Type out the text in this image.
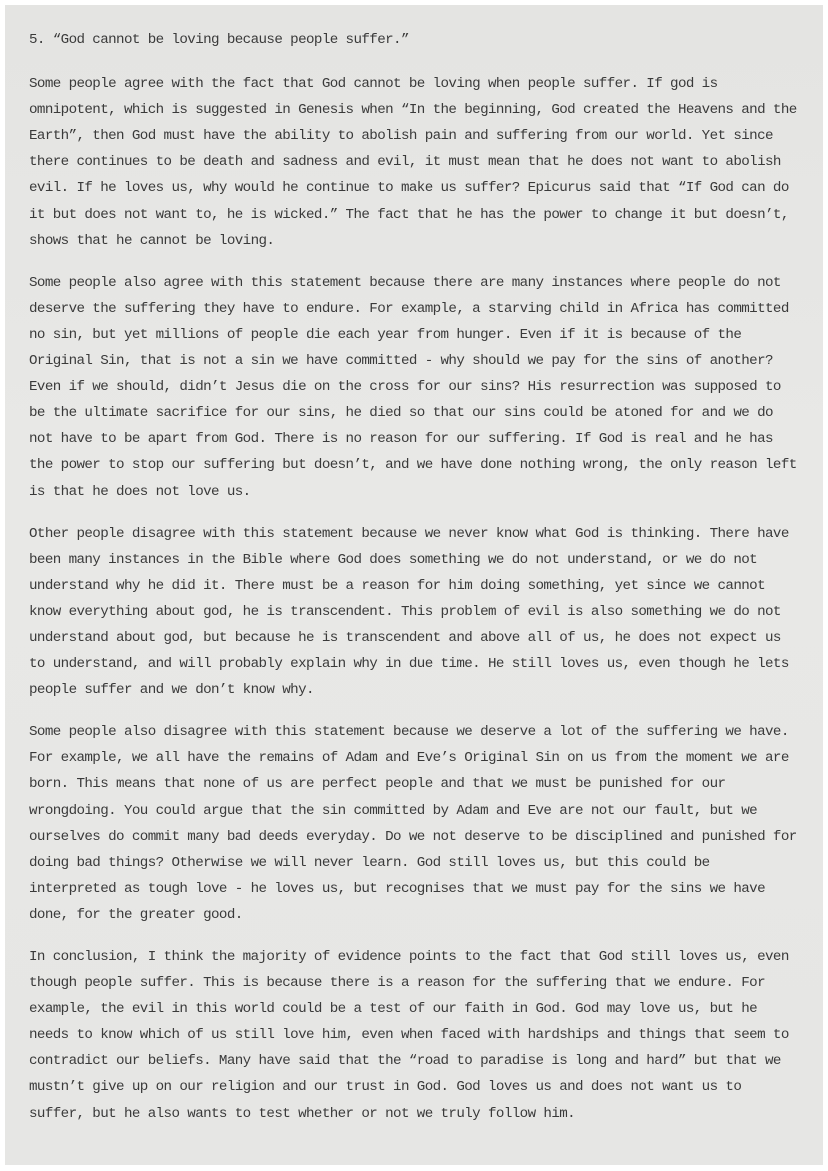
5. “God cannot be loving because people suffer.”

Some people agree with the fact that God cannot be loving when people suffer. If god is omnipotent, which is suggested in Genesis when “In the beginning, God created the Heavens and the Earth”, then God must have the ability to abolish pain and suffering from our world. Yet since there continues to be death and sadness and evil, it must mean that he does not want to abolish evil. If he loves us, why would he continue to make us suffer? Epicurus said that “If God can do it but does not want to, he is wicked.” The fact that he has the power to change it but doesn’t, shows that he cannot be loving.

Some people also agree with this statement because there are many instances where people do not deserve the suffering they have to endure. For example, a starving child in Africa has committed no sin, but yet millions of people die each year from hunger. Even if it is because of the Original Sin, that is not a sin we have committed - why should we pay for the sins of another? Even if we should, didn’t Jesus die on the cross for our sins? His resurrection was supposed to be the ultimate sacrifice for our sins, he died so that our sins could be atoned for and we do not have to be apart from God. There is no reason for our suffering. If God is real and he has the power to stop our suffering but doesn’t, and we have done nothing wrong, the only reason left is that he does not love us.

Other people disagree with this statement because we never know what God is thinking. There have been many instances in the Bible where God does something we do not understand, or we do not understand why he did it. There must be a reason for him doing something, yet since we cannot know everything about god, he is transcendent. This problem of evil is also something we do not understand about god, but because he is transcendent and above all of us, he does not expect us to understand, and will probably explain why in due time. He still loves us, even though he lets people suffer and we don’t know why.

Some people also disagree with this statement because we deserve a lot of the suffering we have. For example, we all have the remains of Adam and Eve’s Original Sin on us from the moment we are born. This means that none of us are perfect people and that we must be punished for our wrongdoing. You could argue that the sin committed by Adam and Eve are not our fault, but we ourselves do commit many bad deeds everyday. Do we not deserve to be disciplined and punished for doing bad things? Otherwise we will never learn. God still loves us, but this could be interpreted as tough love - he loves us, but recognises that we must pay for the sins we have done, for the greater good.

In conclusion, I think the majority of evidence points to the fact that God still loves us, even though people suffer. This is because there is a reason for the suffering that we endure. For example, the evil in this world could be a test of our faith in God. God may love us, but he needs to know which of us still love him, even when faced with hardships and things that seem to contradict our beliefs. Many have said that the “road to paradise is long and hard” but that we mustn’t give up on our religion and our trust in God. God loves us and does not want us to suffer, but he also wants to test whether or not we truly follow him.
